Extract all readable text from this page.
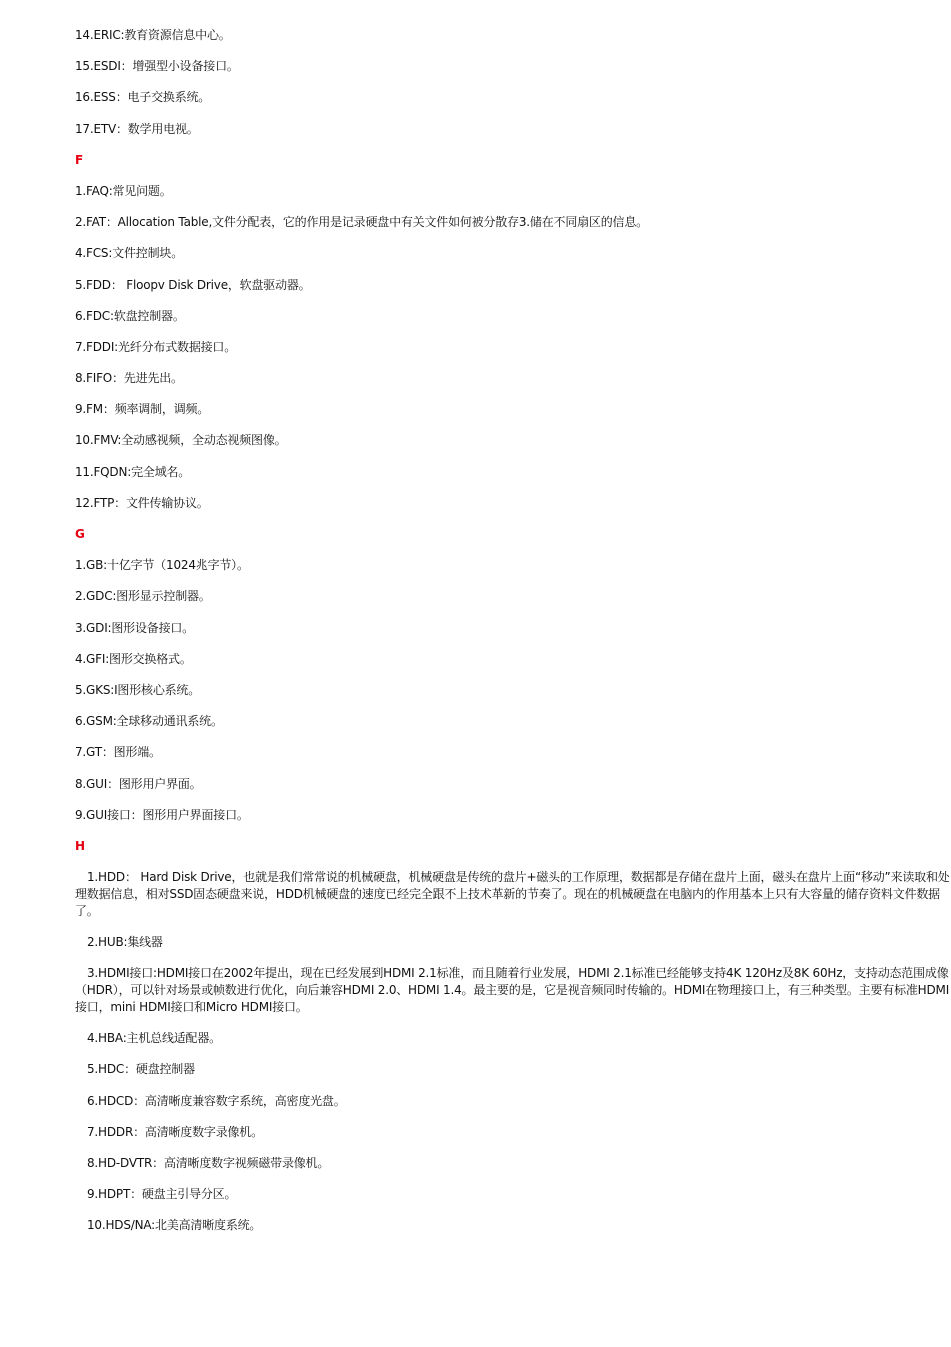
14.ERIC:教育资源信息中心。
15.ESDI：增强型小设备接口。
16.ESS：电子交换系统。
17.ETV：数学用电视。
F
1.FAQ:常见问题。
2.FAT：Allocation Table,文件分配表，它的作用是记录硬盘中有关文件如何被分散存3.储在不同扇区的信息。
4.FCS:文件控制块。
5.FDD： Floopv Disk Drive，软盘驱动器。
6.FDC:软盘控制器。
7.FDDI:光纤分布式数据接口。
8.FIFO：先进先出。
9.FM：频率调制，调频。
10.FMV:全动感视频，全动态视频图像。
11.FQDN:完全域名。
12.FTP：文件传输协议。
G
1.GB:十亿字节（1024兆字节）。
2.GDC:图形显示控制器。
3.GDI:图形设备接口。
4.GFI:图形交换格式。
5.GKS:I图形核心系统。
6.GSM:全球移动通讯系统。
7.GT：图形端。
8.GUI：图形用户界面。
9.GUI接口：图形用户界面接口。
H
1.HDD： Hard Disk Drive，也就是我们常常说的机械硬盘，机械硬盘是传统的盘片+磁头的工作原理，数据都是存储在盘片上面，磁头在盘片上面“移动”来读取和处理数据信息，相对SSD固态硬盘来说，HDD机械硬盘的速度已经完全跟不上技术革新的节奏了。现在的机械硬盘在电脑内的作用基本上只有大容量的储存资料文件数据了。
2.HUB:集线器
3.HDMI接口:HDMI接口在2002年提出，现在已经发展到HDMI 2.1标准，而且随着行业发展，HDMI 2.1标准已经能够支持4K 120Hz及8K 60Hz，支持动态范围成像（HDR），可以针对场景或帧数进行优化，向后兼容HDMI 2.0、HDMI 1.4。最主要的是，它是视音频同时传输的。HDMI在物理接口上，有三种类型。主要有标准HDMI接口，mini HDMI接口和Micro HDMI接口。
4.HBA:主机总线适配器。
5.HDC：硬盘控制器
6.HDCD：高清晰度兼容数字系统，高密度光盘。
7.HDDR：高清晰度数字录像机。
8.HD-DVTR：高清晰度数字视频磁带录像机。
9.HDPT：硬盘主引导分区。
10.HDS/NA:北美高清晰度系统。
